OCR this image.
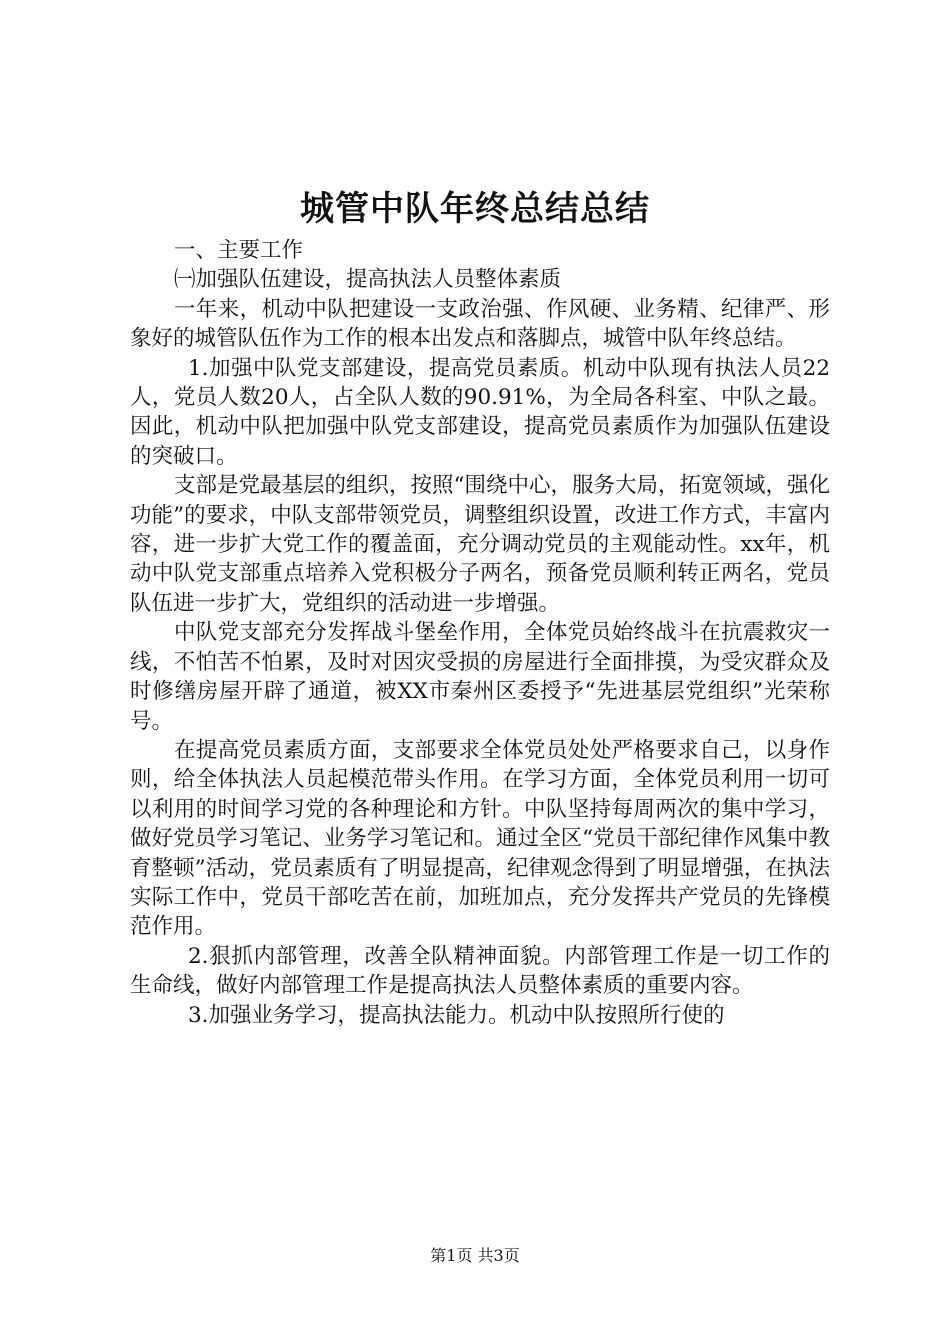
城管中队年终总结总结

一、主要工作

㈠加强队伍建设，提高执法人员整体素质

一年来，机动中队把建设一支政治强、作风硬、业务精、纪律严、形象好的城管队伍作为工作的根本出发点和落脚点，城管中队年终总结。

1.加强中队党支部建设，提高党员素质。机动中队现有执法人员22人，党员人数20人，占全队人数的90.91%，为全局各科室、中队之最。因此，机动中队把加强中队党支部建设，提高党员素质作为加强队伍建设的突破口。

支部是党最基层的组织，按照“围绕中心，服务大局，拓宽领域，强化功能”的要求，中队支部带领党员，调整组织设置，改进工作方式，丰富内容，进一步扩大党工作的覆盖面，充分调动党员的主观能动性。xx年，机动中队党支部重点培养入党积极分子两名，预备党员顺利转正两名，党员队伍进一步扩大，党组织的活动进一步增强。

中队党支部充分发挥战斗堡垒作用，全体党员始终战斗在抗震救灾一线，不怕苦不怕累，及时对因灾受损的房屋进行全面排摸，为受灾群众及时修缮房屋开辟了通道，被XX市秦州区委授予“先进基层党组织”光荣称号。

在提高党员素质方面，支部要求全体党员处处严格要求自己，以身作则，给全体执法人员起模范带头作用。在学习方面，全体党员利用一切可以利用的时间学习党的各种理论和方针。中队坚持每周两次的集中学习，做好党员学习笔记、业务学习笔记和。通过全区“党员干部纪律作风集中教育整顿”活动，党员素质有了明显提高，纪律观念得到了明显增强，在执法实际工作中，党员干部吃苦在前，加班加点，充分发挥共产党员的先锋模范作用。

2.狠抓内部管理，改善全队精神面貌。内部管理工作是一切工作的生命线，做好内部管理工作是提高执法人员整体素质的重要内容。

3.加强业务学习，提高执法能力。机动中队按照所行使的

第1页 共3页
